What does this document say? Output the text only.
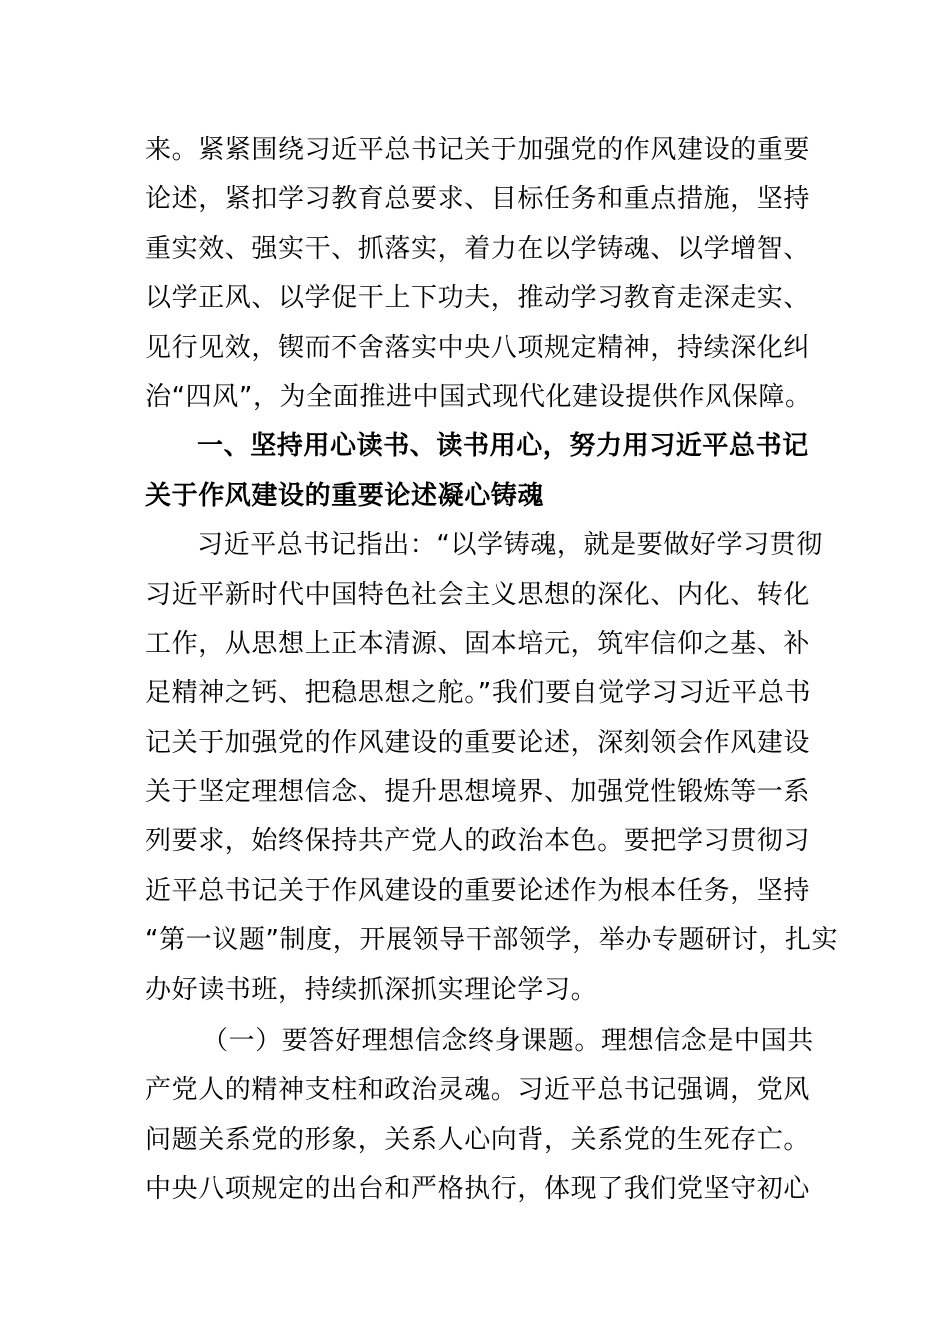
来。紧紧围绕习近平总书记关于加强党的作风建设的重要
论述，紧扣学习教育总要求、目标任务和重点措施，坚持
重实效、强实干、抓落实，着力在以学铸魂、以学增智、
以学正风、以学促干上下功夫，推动学习教育走深走实、
见行见效，锲而不舍落实中央八项规定精神，持续深化纠
治“四风”，为全面推进中国式现代化建设提供作风保障。
一、坚持用心读书、读书用心，努力用习近平总书记
关于作风建设的重要论述凝心铸魂
习近平总书记指出：“以学铸魂，就是要做好学习贯彻
习近平新时代中国特色社会主义思想的深化、内化、转化
工作，从思想上正本清源、固本培元，筑牢信仰之基、补
足精神之钙、把稳思想之舵。”我们要自觉学习习近平总书
记关于加强党的作风建设的重要论述，深刻领会作风建设
关于坚定理想信念、提升思想境界、加强党性锻炼等一系
列要求，始终保持共产党人的政治本色。要把学习贯彻习
近平总书记关于作风建设的重要论述作为根本任务，坚持
“第一议题”制度，开展领导干部领学，举办专题研讨，扎实
办好读书班，持续抓深抓实理论学习。
（一）要答好理想信念终身课题。理想信念是中国共
产党人的精神支柱和政治灵魂。习近平总书记强调，党风
问题关系党的形象，关系人心向背，关系党的生死存亡。
中央八项规定的出台和严格执行，体现了我们党坚守初心
